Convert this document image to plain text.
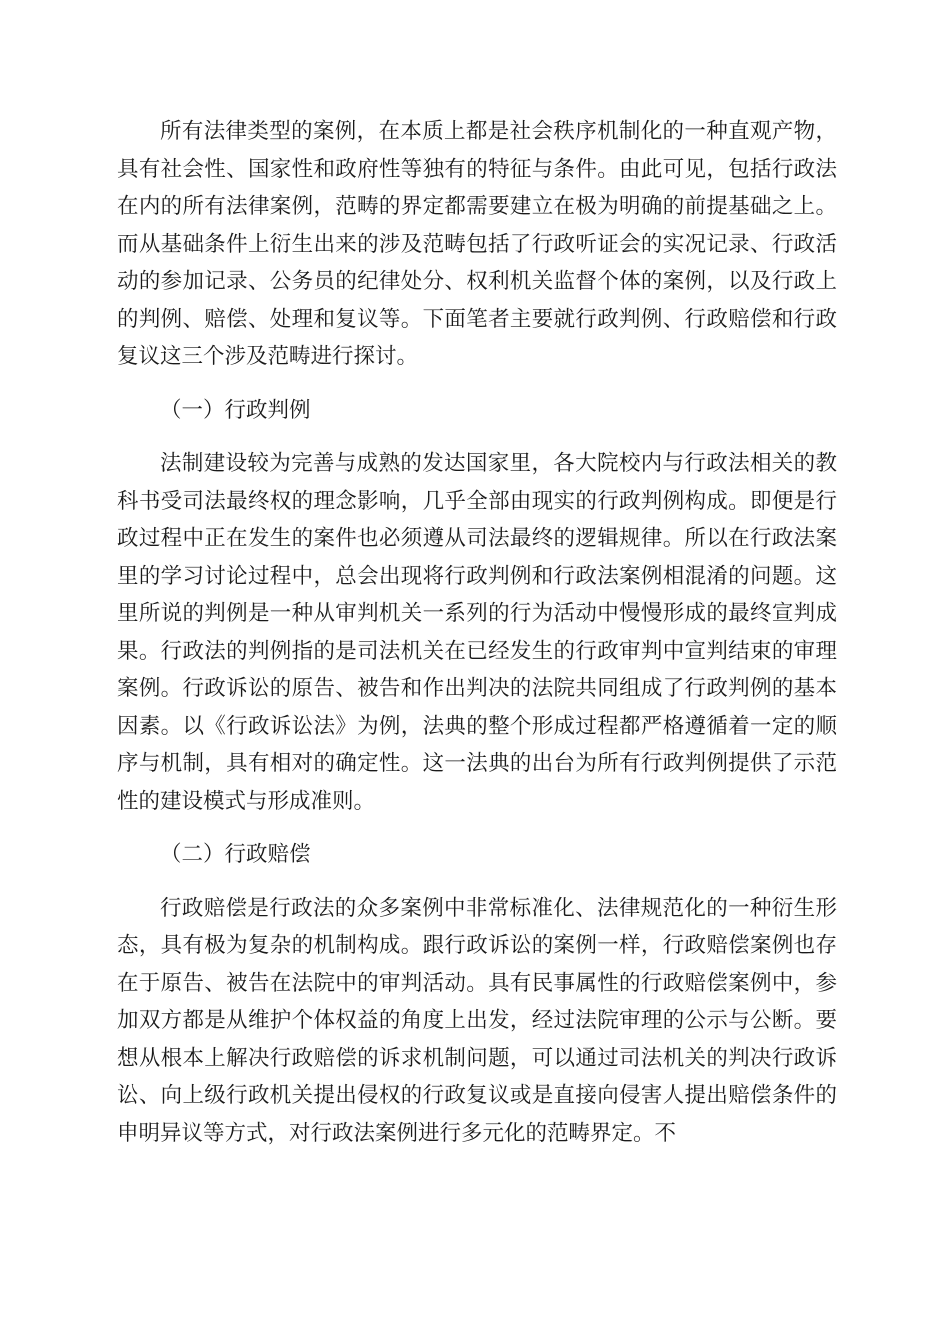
所有法律类型的案例，在本质上都是社会秩序机制化的一种直观产物，具有社会性、国家性和政府性等独有的特征与条件。由此可见，包括行政法在内的所有法律案例，范畴的界定都需要建立在极为明确的前提基础之上。而从基础条件上衍生出来的涉及范畴包括了行政听证会的实况记录、行政活动的参加记录、公务员的纪律处分、权利机关监督个体的案例，以及行政上的判例、赔偿、处理和复议等。下面笔者主要就行政判例、行政赔偿和行政复议这三个涉及范畴进行探讨。

（一）行政判例

法制建设较为完善与成熟的发达国家里，各大院校内与行政法相关的教科书受司法最终权的理念影响，几乎全部由现实的行政判例构成。即便是行政过程中正在发生的案件也必须遵从司法最终的逻辑规律。所以在行政法案里的学习讨论过程中，总会出现将行政判例和行政法案例相混淆的问题。这里所说的判例是一种从审判机关一系列的行为活动中慢慢形成的最终宣判成果。行政法的判例指的是司法机关在已经发生的行政审判中宣判结束的审理案例。行政诉讼的原告、被告和作出判决的法院共同组成了行政判例的基本因素。以《行政诉讼法》为例，法典的整个形成过程都严格遵循着一定的顺序与机制，具有相对的确定性。这一法典的出台为所有行政判例提供了示范性的建设模式与形成准则。

（二）行政赔偿

行政赔偿是行政法的众多案例中非常标准化、法律规范化的一种衍生形态，具有极为复杂的机制构成。跟行政诉讼的案例一样，行政赔偿案例也存在于原告、被告在法院中的审判活动。具有民事属性的行政赔偿案例中，参加双方都是从维护个体权益的角度上出发，经过法院审理的公示与公断。要想从根本上解决行政赔偿的诉求机制问题，可以通过司法机关的判决行政诉讼、向上级行政机关提出侵权的行政复议或是直接向侵害人提出赔偿条件的申明异议等方式，对行政法案例进行多元化的范畴界定。不
